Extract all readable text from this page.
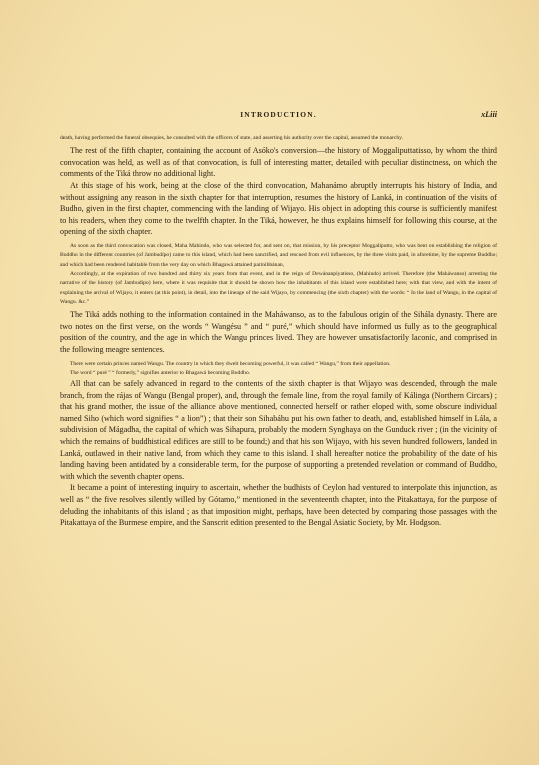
INTRODUCTION.	xLiii

death, having performed the funeral obsequies, he consulted with the officers of state, and asserting his authority over the capital, assumed the monarchy.

The rest of the fifth chapter, containing the account of Asóko's conversion—the history of Moggaliputtatisso, by whom the third convocation was held, as well as of that convocation, is full of interesting matter, detailed with peculiar distinctness, on which the comments of the Tiká throw no additional light.

At this stage of his work, being at the close of the third convocation, Mahanámo abruptly interrupts his history of India, and without assigning any reason in the sixth chapter for that interruption, resumes the history of Lanká, in continuation of the visits of Budho, given in the first chapter, commencing with the landing of Wijayo. His object in adopting this course is sufficiently manifest to his readers, when they come to the twelfth chapter. In the Tiká, however, he thus explains himself for following this course, at the opening of the sixth chapter.

As soon as the third convocation was closed, Maha Mahindo, who was selected for, and sent on, that mission, by his preceptor Moggaliputto, who was bent on establishing the religion of Buddho in the different countries (of Jambudípo) came to this island, which had been sanctified, and rescued from evil influences, by the three visits paid, in aforetime, by the supreme Buddho; and which had been rendered habitable from the very day on which Bhagawá attained parinibbánan,

Accordingly, at the expiration of two hundred and thirty six years from that event, and in the reign of Dewánanpiyatisso, (Mahindo) arrived. Therefore (the Maháwanso) arresting the narrative of the history (of Jambudípo) here, where it was requisite that it should be shown how the inhabitants of this island were established here; with that view, and with the intent of explaining the arrival of Wijayo, it enters (at this point), in detail, into the lineage of the said Wijayo, by commencing (the sixth chapter) with the words: “ In the land of Wangu, in the capital of Wangu. &c.”

The Tiká adds nothing to the information contained in the Maháwanso, as to the fabulous origin of the Sihála dynasty. There are two notes on the first verse, on the words “ Wangésu ” and “ puré,” which should have informed us fully as to the geographical position of the country, and the age in which the Wangu princes lived. They are however unsatisfactorily laconic, and comprised in the following meagre sentences.

There were certain princes named Wangu. The country in which they dwelt becoming powerful, it was called “ Wangu,” from their appellation.

The word “ puré ” “ formerly,” signifies anterior to Bhagawá becoming Buddho.

All that can be safely advanced in regard to the contents of the sixth chapter is that Wijayo was descended, through the male branch, from the rájas of Wangu (Bengal proper), and, through the female line, from the royal family of Kálinga (Northern Circars) ; that his grand mother, the issue of the alliance above mentioned, connected herself or rather eloped with, some obscure individual named Siho (which word signifies “ a lion”) ; that their son Sihabáhu put his own father to death, and, established himself in Lála, a subdivision of Mágadha, the capital of which was Sihapura, probably the modern Synghaya on the Gunduck river ; (in the vicinity of which the remains of buddhistical edifices are still to be found;) and that his son Wijayo, with his seven hundred followers, landed in Lanká, outlawed in their native land, from which they came to this island. I shall hereafter notice the probability of the date of his landing having been antidated by a considerable term, for the purpose of supporting a pretended revelation or command of Buddho, with which the seventh chapter opens.

It became a point of interesting inquiry to ascertain, whether the budhists of Ceylon had ventured to interpolate this injunction, as well as “ the five resolves silently willed by Gótamo,” mentioned in the seventeenth chapter, into the Pitakattaya, for the purpose of deluding the inhabitants of this island ; as that imposition might, perhaps, have been detected by comparing those passages with the Pitakattaya of the Burmese empire, and the Sanscrit edition presented to the Bengal Asiatic Society, by Mr. Hodgson.
